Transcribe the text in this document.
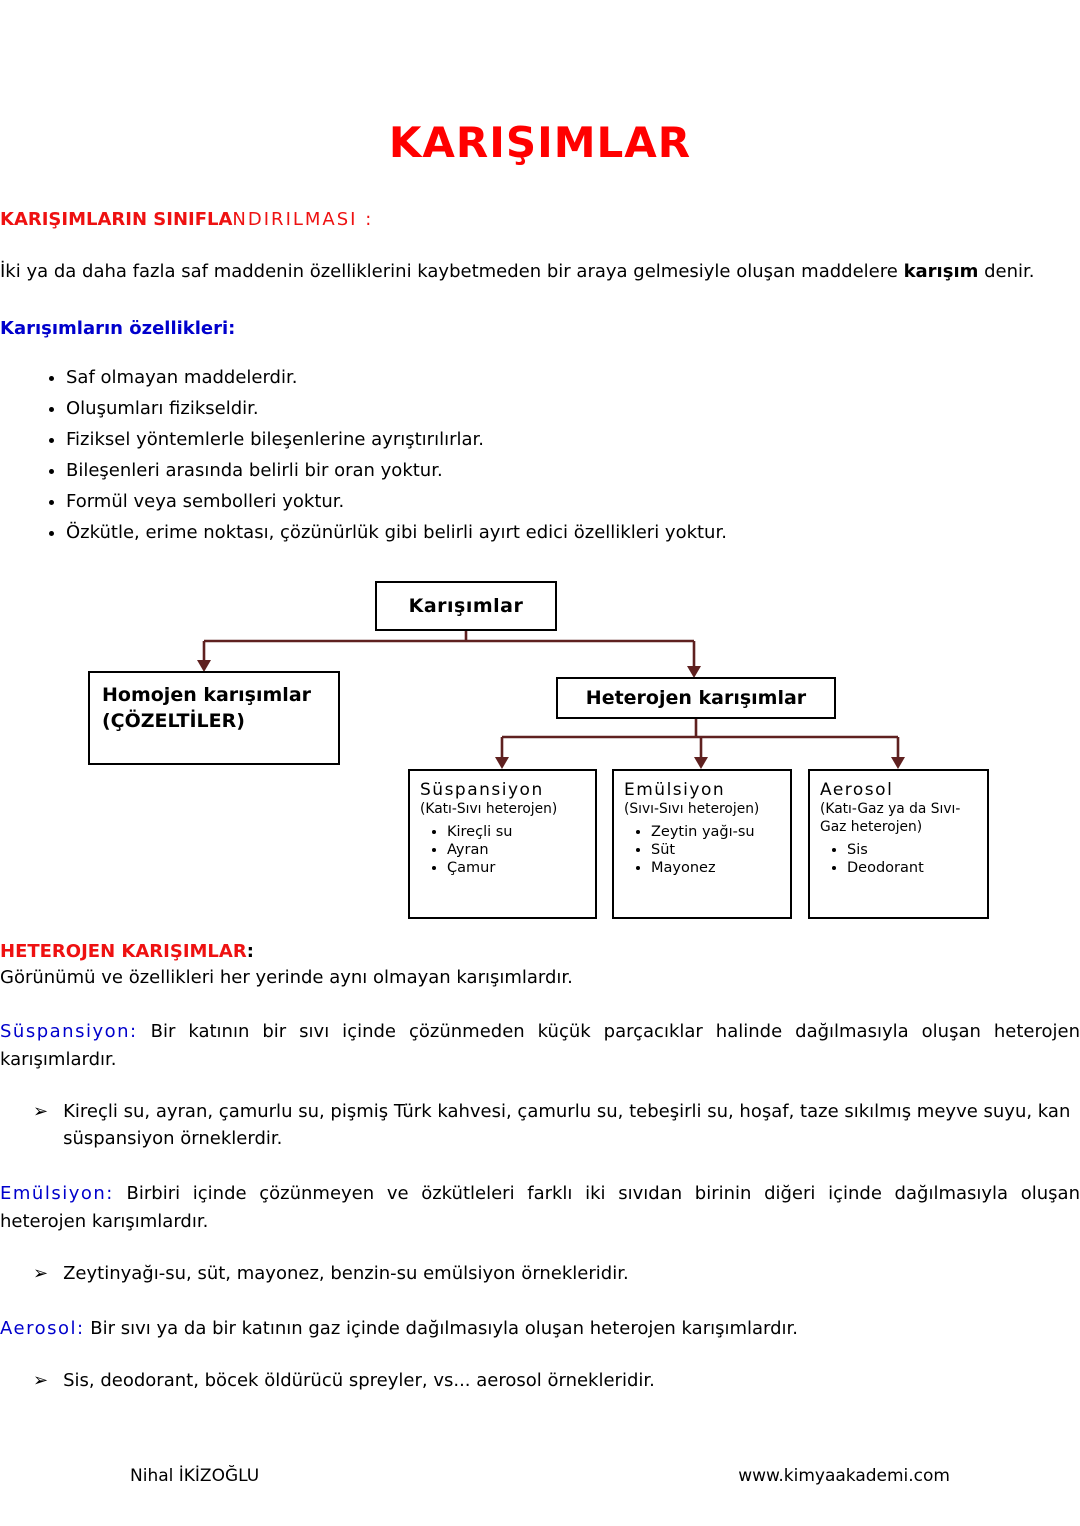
KARIŞIMLAR
KARIŞIMLARIN SINIFLANDIRILMASI :

İki ya da daha fazla saf maddenin özelliklerini kaybetmeden bir araya gelmesiyle oluşan maddelere karışım denir.

Karışımların özellikleri:
• Saf olmayan maddelerdir.
• Oluşumları fizikseldir.
• Fiziksel yöntemlerle bileşenlerine ayrıştırılırlar.
• Bileşenleri arasında belirli bir oran yoktur.
• Formül veya sembolleri yoktur.
• Özkütle, erime noktası, çözünürlük gibi belirli ayırt edici özellikleri yoktur.
Karışımlar
Homojen karışımlar
(ÇÖZELTİLER)
Heterojen karışımlar
Süspansiyon
(Katı-Sıvı heterojen)
• Kireçli su
• Ayran
• Çamur
Emülsiyon
(Sıvı-Sıvı heterojen)
• Zeytin yağı-su
• Süt
• Mayonez
Aerosol
(Katı-Gaz ya da Sıvı-Gaz heterojen)
• Sis
• Deodorant
HETEROJEN KARIŞIMLAR:
Görünümü ve özellikleri her yerinde aynı olmayan karışımlardır.

Süspansiyon: Bir katının bir sıvı içinde çözünmeden küçük parçacıklar halinde dağılmasıyla oluşan heterojen karışımlardır.

➢ Kireçli su, ayran, çamurlu su, pişmiş Türk kahvesi, çamurlu su, tebeşirli su, hoşaf, taze sıkılmış meyve suyu, kan süspansiyon örneklerdir.

Emülsiyon: Birbiri içinde çözünmeyen ve özkütleleri farklı iki sıvıdan birinin diğeri içinde dağılmasıyla oluşan heterojen karışımlardır.

➢ Zeytinyağı-su, süt, mayonez, benzin-su emülsiyon örnekleridir.

Aerosol: Bir sıvı ya da bir katının gaz içinde dağılmasıyla oluşan heterojen karışımlardır.

➢ Sis, deodorant, böcek öldürücü spreyler, vs... aerosol örnekleridir.
Nihal İKİZOĞLU	www.kimyaakademi.com
